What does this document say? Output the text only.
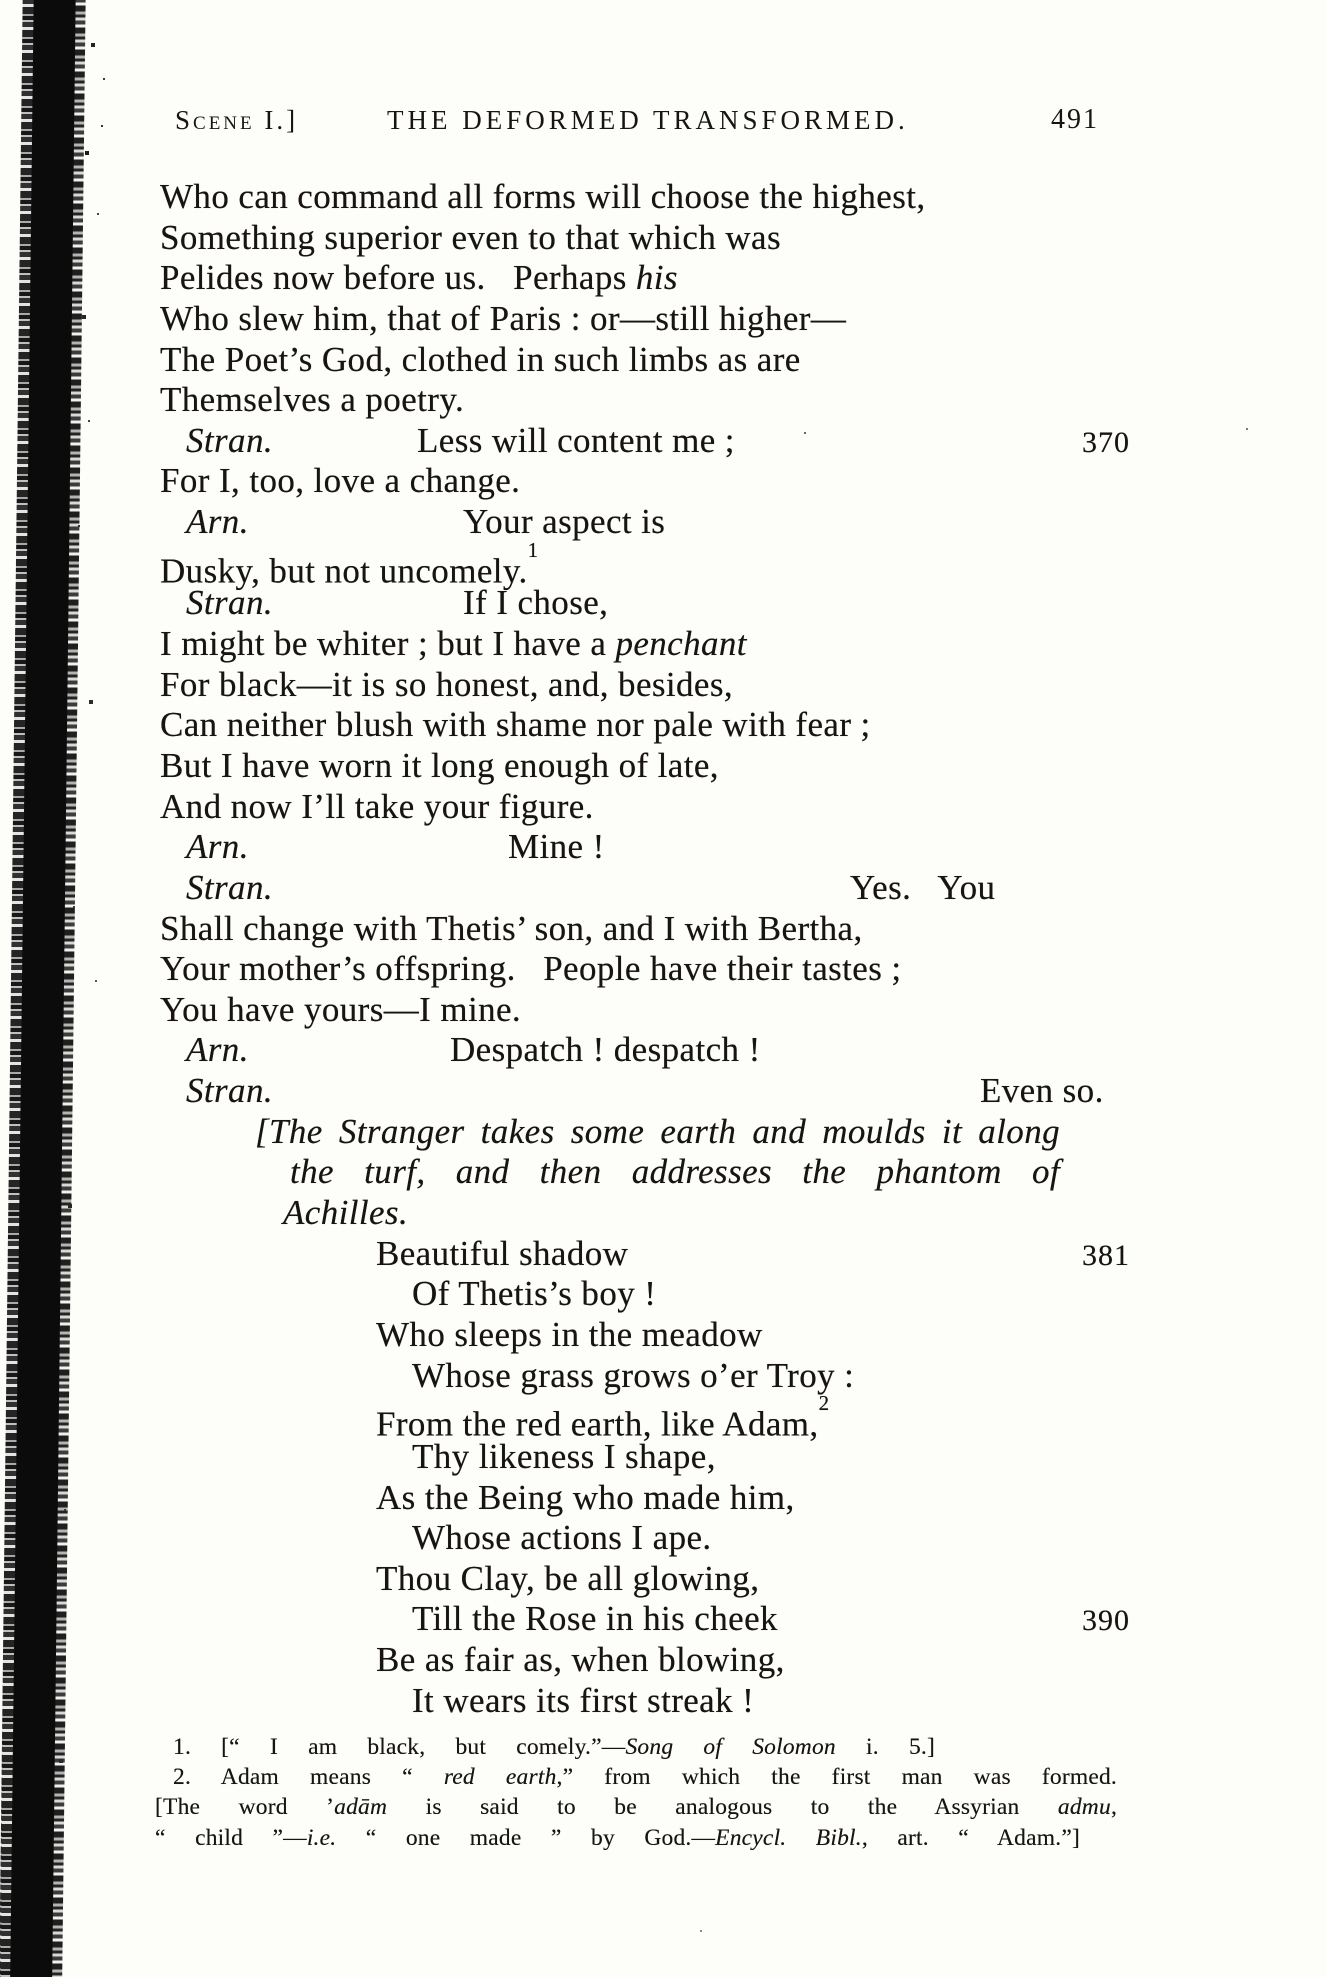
Scene I.]	THE DEFORMED TRANSFORMED.	491
Who can command all forms will choose the highest,
Something superior even to that which was
Pelides now before us.   Perhaps his
Who slew him, that of Paris : or—still higher—
The Poet’s God, clothed in such limbs as are
Themselves a poetry.
Stran.	Less will content me ;	370
For I, too, love a change.
Arn.	Your aspect is
Dusky, but not uncomely.$^1$
Stran.	If I chose,
I might be whiter ; but I have a penchant
For black—it is so honest, and, besides,
Can neither blush with shame nor pale with fear ;
But I have worn it long enough of late,
And now I’ll take your figure.
Arn.	Mine !
Stran.	Yes.   You
Shall change with Thetis’ son, and I with Bertha,
Your mother’s offspring.   People have their tastes ;
You have yours—I mine.
Arn.	Despatch ! despatch !
Stran.	Even so.
[The Stranger takes some earth and moulds it along
the turf, and then addresses the phantom of
Achilles.
Beautiful shadow	381
Of Thetis’s boy !
Who sleeps in the meadow
Whose grass grows o’er Troy :
From the red earth, like Adam,$^2$
Thy likeness I shape,
As the Being who made him,
Whose actions I ape.
Thou Clay, be all glowing,
Till the Rose in his cheek	390
Be as fair as, when blowing,
It wears its first streak !
1. [“ I am black, but comely.”—Song of Solomon i. 5.]
2. Adam means “ red earth,” from which the first man was formed.
[The word ’adām is said to be analogous to the Assyrian admu,
“ child ”—i.e. “ one made ” by God.—Encycl. Bibl., art. “ Adam.”]
